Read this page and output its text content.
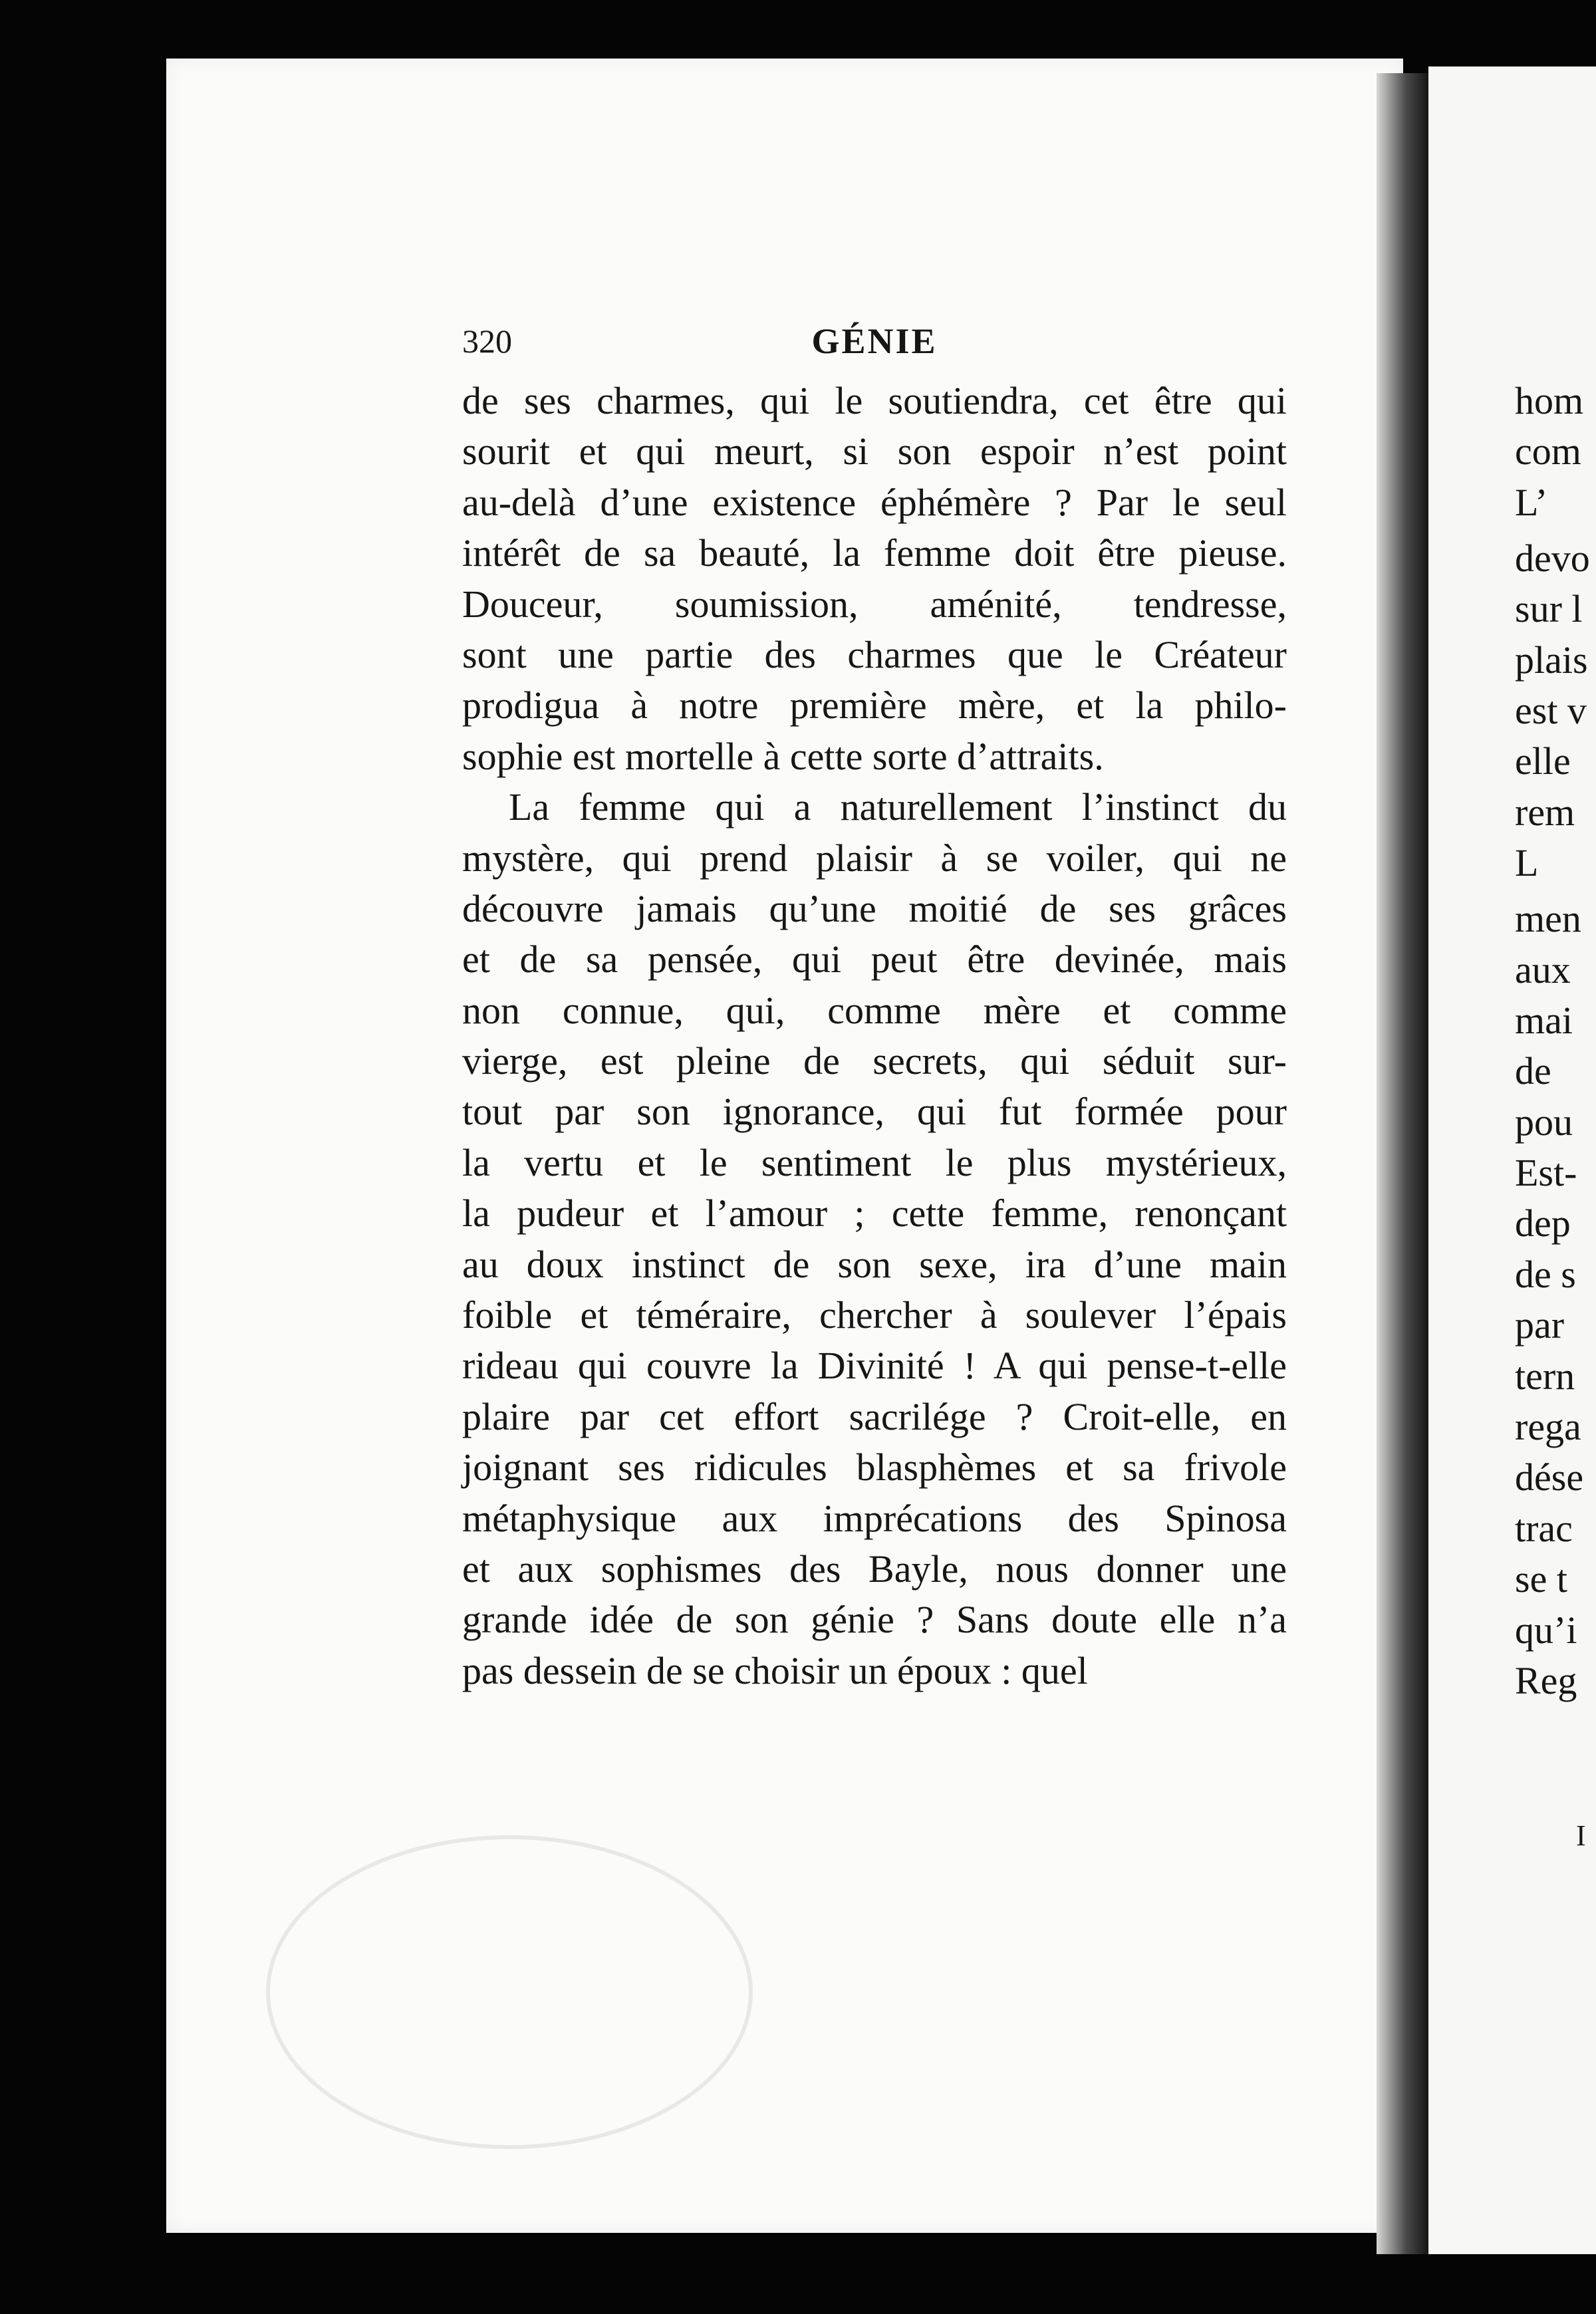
320	GÉNIE
de ses charmes, qui le soutiendra, cet être qui
sourit et qui meurt, si son espoir n’est point
au-delà d’une existence éphémère ? Par le seul
intérêt de sa beauté, la femme doit être pieuse.
Douceur, soumission, aménité, tendresse,
sont une partie des charmes que le Créateur
prodigua à notre première mère, et la philo-
sophie est mortelle à cette sorte d’attraits.
La femme qui a naturellement l’instinct du
mystère, qui prend plaisir à se voiler, qui ne
découvre jamais qu’une moitié de ses grâces
et de sa pensée, qui peut être devinée, mais
non connue, qui, comme mère et comme
vierge, est pleine de secrets, qui séduit sur-
tout par son ignorance, qui fut formée pour
la vertu et le sentiment le plus mystérieux,
la pudeur et l’amour ; cette femme, renonçant
au doux instinct de son sexe, ira d’une main
foible et téméraire, chercher à soulever l’épais
rideau qui couvre la Divinité ! A qui pense-t-elle
plaire par cet effort sacrilége ? Croit-elle, en
joignant ses ridicules blasphèmes et sa frivole
métaphysique aux imprécations des Spinosa
et aux sophismes des Bayle, nous donner une
grande idée de son génie ? Sans doute elle n’a
pas dessein de se choisir un époux : quel
hom
com
L’
devo
sur l
plais
est v
elle
rem
L
men
aux
mai
de
pou
Est-
dep
de s
par
tern
rega
dése
trac
se t
qu’i
Reg
I
